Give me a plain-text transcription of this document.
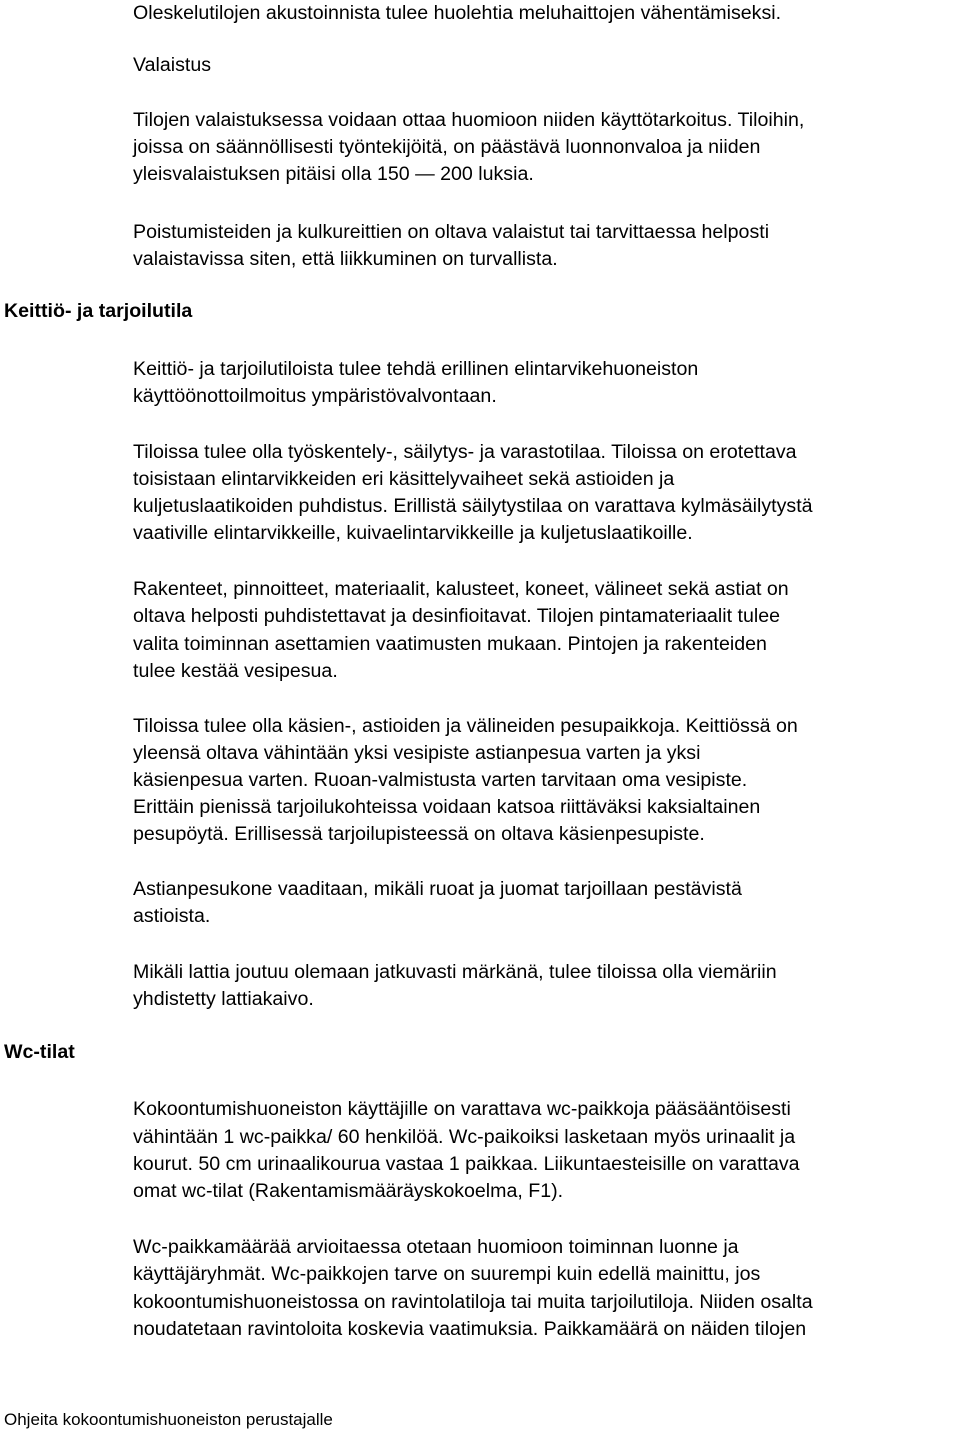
Oleskelutilojen akustoinnista tulee huolehtia meluhaittojen vähentämiseksi.

Valaistus

Tilojen valaistuksessa voidaan ottaa huomioon niiden käyttötarkoitus. Tiloihin,

joissa on säännöllisesti työntekijöitä, on päästävä luonnonvaloa ja niiden

yleisvalaistuksen pitäisi olla 150 — 200 luksia.

Poistumisteiden ja kulkureittien on oltava valaistut tai tarvittaessa helposti

valaistavissa siten, että liikkuminen on turvallista.

Keittiö- ja tarjoilutila

Keittiö- ja tarjoilutiloista tulee tehdä erillinen elintarvikehuoneiston

käyttöönottoilmoitus ympäristövalvontaan.

Tiloissa tulee olla työskentely-, säilytys- ja varastotilaa. Tiloissa on erotettava

toisistaan elintarvikkeiden eri käsittelyvaiheet sekä astioiden ja

kuljetuslaatikoiden puhdistus. Erillistä säilytystilaa on varattava kylmäsäilytystä

vaativille elintarvikkeille, kuivaelintarvikkeille ja kuljetuslaatikoille.

Rakenteet, pinnoitteet, materiaalit, kalusteet, koneet, välineet sekä astiat on

oltava helposti puhdistettavat ja desinfioitavat. Tilojen pintamateriaalit tulee

valita toiminnan asettamien vaatimusten mukaan. Pintojen ja rakenteiden

tulee kestää vesipesua.

Tiloissa tulee olla käsien-, astioiden ja välineiden pesupaikkoja. Keittiössä on

yleensä oltava vähintään yksi vesipiste astianpesua varten ja yksi

käsienpesua varten. Ruoan-valmistusta varten tarvitaan oma vesipiste.

Erittäin pienissä tarjoilukohteissa voidaan katsoa riittäväksi kaksialtainen

pesupöytä. Erillisessä tarjoilupisteessä on oltava käsienpesupiste.

Astianpesukone vaaditaan, mikäli ruoat ja juomat tarjoillaan pestävistä

astioista.

Mikäli lattia joutuu olemaan jatkuvasti märkänä, tulee tiloissa olla viemäriin

yhdistetty lattiakaivo.

Wc-tilat

Kokoontumishuoneiston käyttäjille on varattava wc-paikkoja pääsääntöisesti

vähintään 1 wc-paikka/ 60 henkilöä. Wc-paikoiksi lasketaan myös urinaalit ja

kourut. 50 cm urinaalikourua vastaa 1 paikkaa. Liikuntaesteisille on varattava

omat wc-tilat (Rakentamismääräyskokoelma, F1).

Wc-paikkamäärää arvioitaessa otetaan huomioon toiminnan luonne ja

käyttäjäryhmät. Wc-paikkojen tarve on suurempi kuin edellä mainittu, jos

kokoontumishuoneistossa on ravintolatiloja tai muita tarjoilutiloja. Niiden osalta

noudatetaan ravintoloita koskevia vaatimuksia. Paikkamäärä on näiden tilojen

Ohjeita kokoontumishuoneiston perustajalle
